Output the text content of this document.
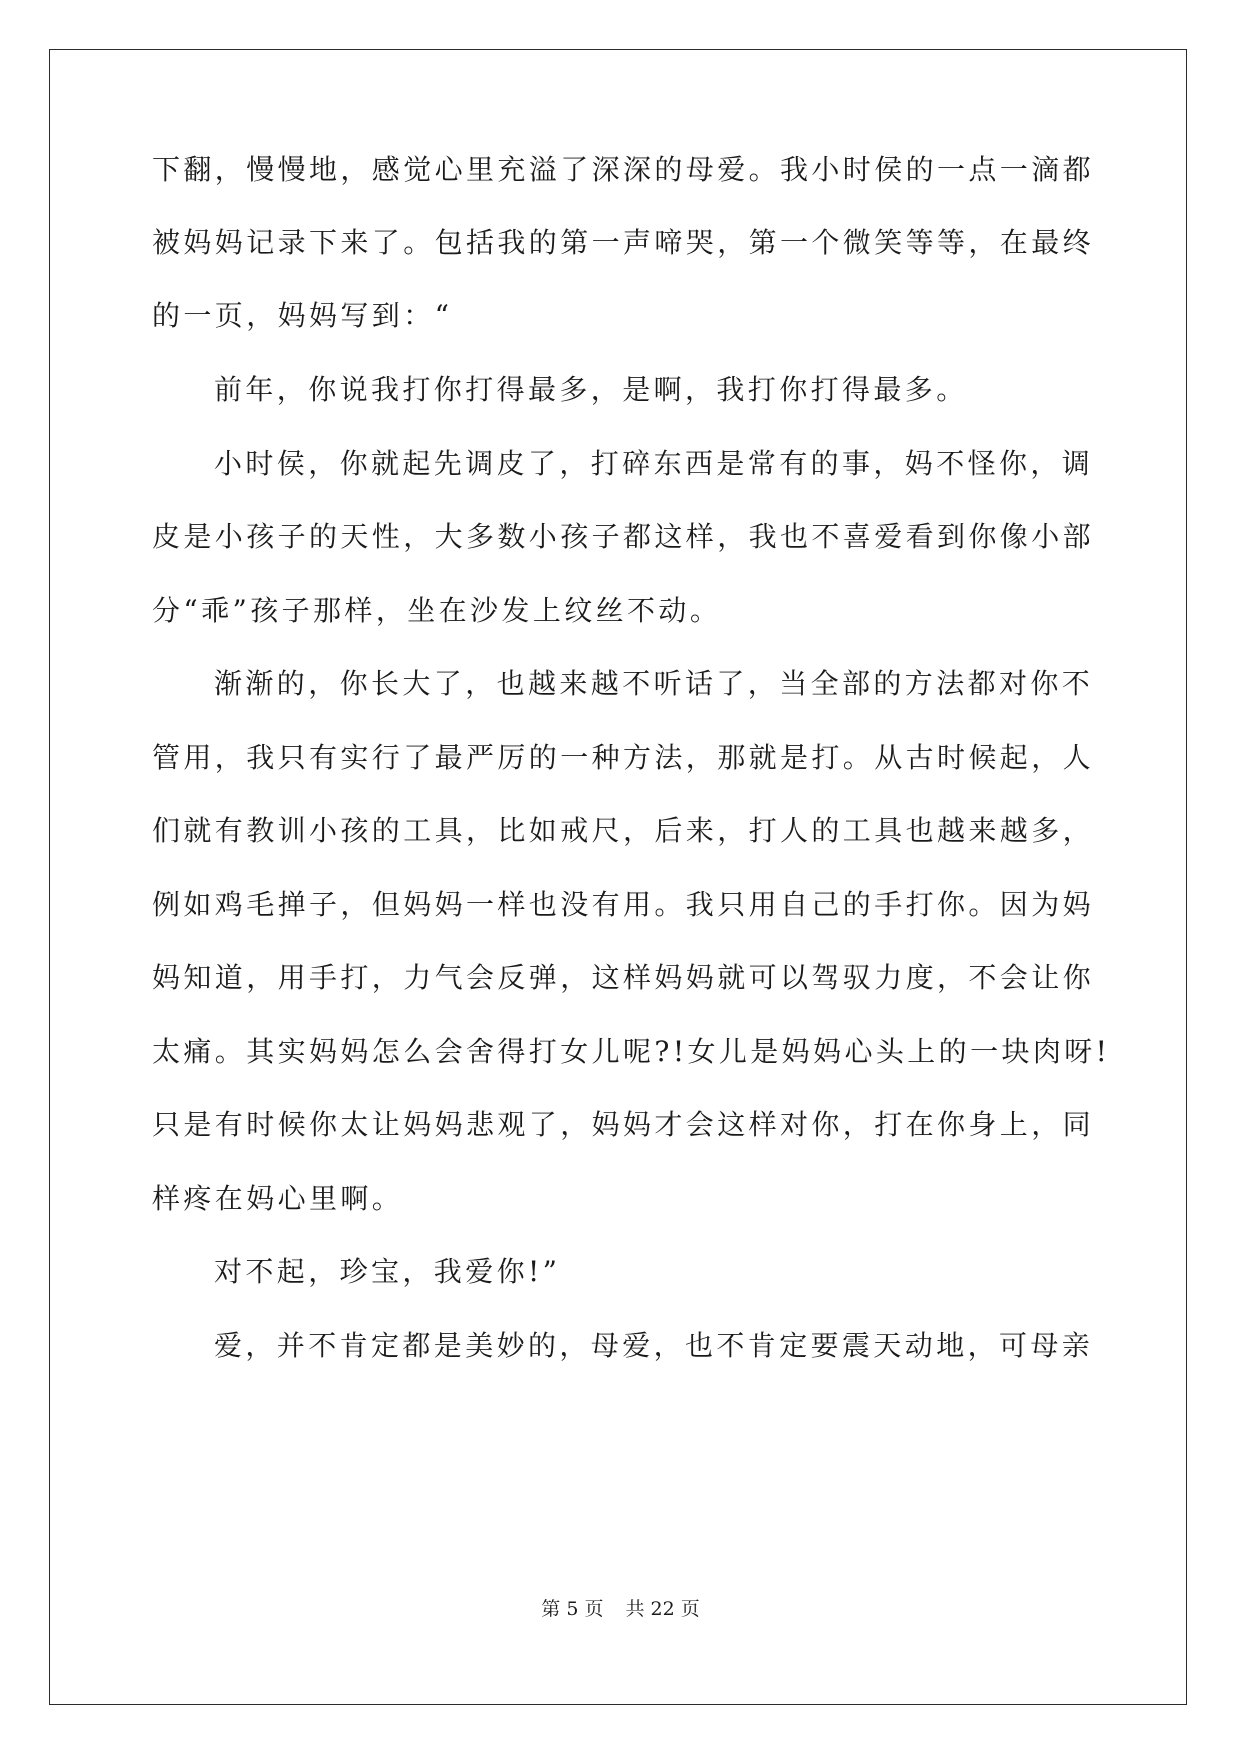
下翻，慢慢地，感觉心里充溢了深深的母爱。我小时侯的一点一滴都
被妈妈记录下来了。包括我的第一声啼哭，第一个微笑等等，在最终
的一页，妈妈写到：“
前年，你说我打你打得最多，是啊，我打你打得最多。
小时侯，你就起先调皮了，打碎东西是常有的事，妈不怪你，调
皮是小孩子的天性，大多数小孩子都这样，我也不喜爱看到你像小部
分“乖”孩子那样，坐在沙发上纹丝不动。
渐渐的，你长大了，也越来越不听话了，当全部的方法都对你不
管用，我只有实行了最严厉的一种方法，那就是打。从古时候起，人
们就有教训小孩的工具，比如戒尺，后来，打人的工具也越来越多，
例如鸡毛掸子，但妈妈一样也没有用。我只用自己的手打你。因为妈
妈知道，用手打，力气会反弹，这样妈妈就可以驾驭力度，不会让你
太痛。其实妈妈怎么会舍得打女儿呢?!女儿是妈妈心头上的一块肉呀!
只是有时候你太让妈妈悲观了，妈妈才会这样对你，打在你身上，同
样疼在妈心里啊。
对不起，珍宝，我爱你!”
爱，并不肯定都是美妙的，母爱，也不肯定要震天动地，可母亲
第 5 页 共 22 页
